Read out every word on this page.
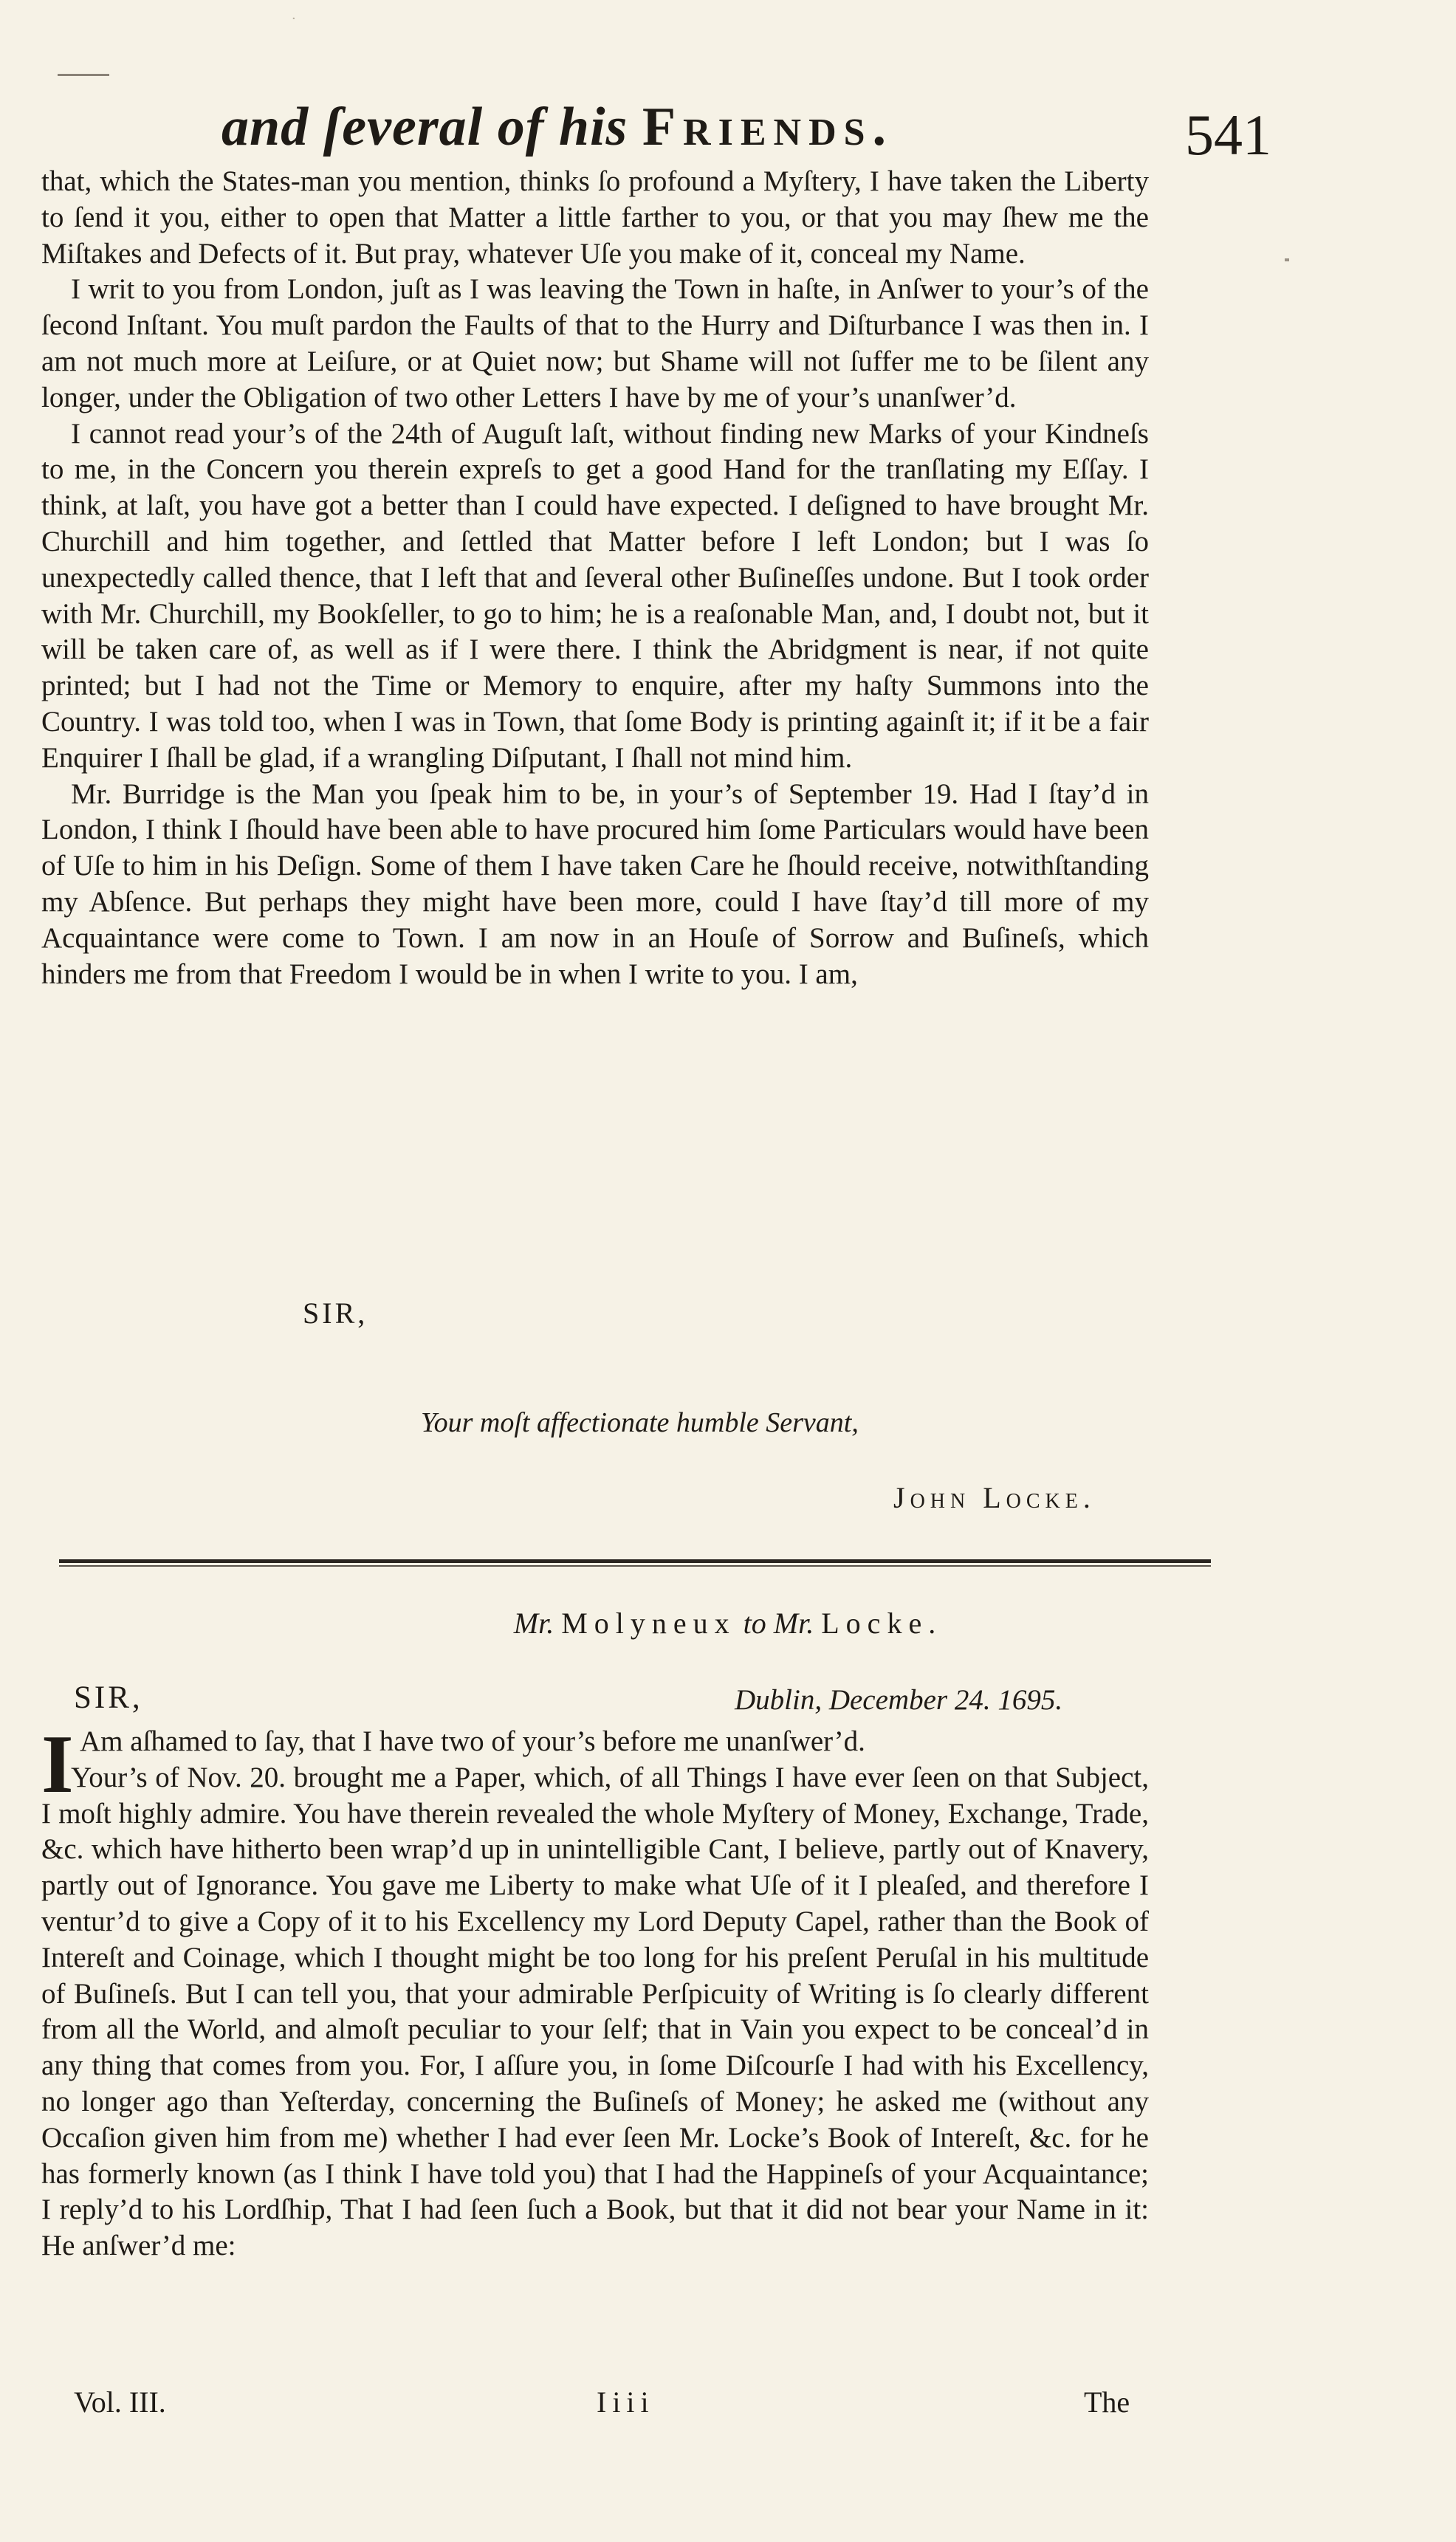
·
and ſeveral of his Friends.	541

that, which the States-man you mention, thinks ſo profound a Myſtery, I have taken the Liberty to ſend it you, either to open that Matter a little farther to you, or that you may ſhew me the Miſtakes and Defects of it. But pray, whatever Uſe you make of it, conceal my Name.

I writ to you from London, juſt as I was leaving the Town in haſte, in Anſwer to your’s of the ſecond Inſtant. You muſt pardon the Faults of that to the Hurry and Diſturbance I was then in. I am not much more at Leiſure, or at Quiet now; but Shame will not ſuffer me to be ſilent any longer, under the Obligation of two other Letters I have by me of your’s unanſwer’d.

I cannot read your’s of the 24th of Auguſt laſt, without finding new Marks of your Kindneſs to me, in the Concern you therein expreſs to get a good Hand for the tranſlating my Eſſay. I think, at laſt, you have got a better than I could have expected. I deſigned to have brought Mr. Churchill and him together, and ſettled that Matter before I left London; but I was ſo unexpectedly called thence, that I left that and ſeveral other Buſineſſes undone. But I took order with Mr. Churchill, my Bookſeller, to go to him; he is a reaſonable Man, and, I doubt not, but it will be taken care of, as well as if I were there. I think the Abridgment is near, if not quite printed; but I had not the Time or Memory to enquire, after my haſty Summons into the Country. I was told too, when I was in Town, that ſome Body is printing againſt it; if it be a fair Enquirer I ſhall be glad, if a wrangling Diſputant, I ſhall not mind him.

Mr. Burridge is the Man you ſpeak him to be, in your’s of September 19. Had I ſtay’d in London, I think I ſhould have been able to have procured him ſome Particulars would have been of Uſe to him in his Deſign. Some of them I have taken Care he ſhould receive, notwithſtanding my Abſence. But perhaps they might have been more, could I have ſtay’d till more of my Acquaintance were come to Town. I am now in an Houſe of Sorrow and Buſineſs, which hinders me from that Freedom I would be in when I write to you. I am,

SIR,
Your moſt affectionate humble Servant,
John Locke.
Mr. Molyneux to Mr. Locke.
SIR,	Dublin, December 24. 1695.
I Am aſhamed to ſay, that I have two of your’s before me unanſwer’d.

Your’s of Nov. 20. brought me a Paper, which, of all Things I have ever ſeen on that Subject, I moſt highly admire. You have therein revealed the whole Myſtery of Money, Exchange, Trade, &c. which have hitherto been wrap’d up in unintelligible Cant, I believe, partly out of Knavery, partly out of Ignorance. You gave me Liberty to make what Uſe of it I pleaſed, and therefore I ventur’d to give a Copy of it to his Excellency my Lord Deputy Capel, rather than the Book of Intereſt and Coinage, which I thought might be too long for his preſent Peruſal in his multitude of Buſineſs. But I can tell you, that your admirable Perſpicuity of Writing is ſo clearly different from all the World, and almoſt peculiar to your ſelf; that in Vain you expect to be conceal’d in any thing that comes from you. For, I aſſure you, in ſome Diſcourſe I had with his Excellency, no longer ago than Yeſterday, concerning the Buſineſs of Money; he asked me (without any Occaſion given him from me) whether I had ever ſeen Mr. Locke’s Book of Intereſt, &c. for he has formerly known (as I think I have told you) that I had the Happineſs of your Acquaintance; I reply’d to his Lordſhip, That I had ſeen ſuch a Book, but that it did not bear your Name in it: He anſwer’d me:

Vol. III.	Iiii	The
